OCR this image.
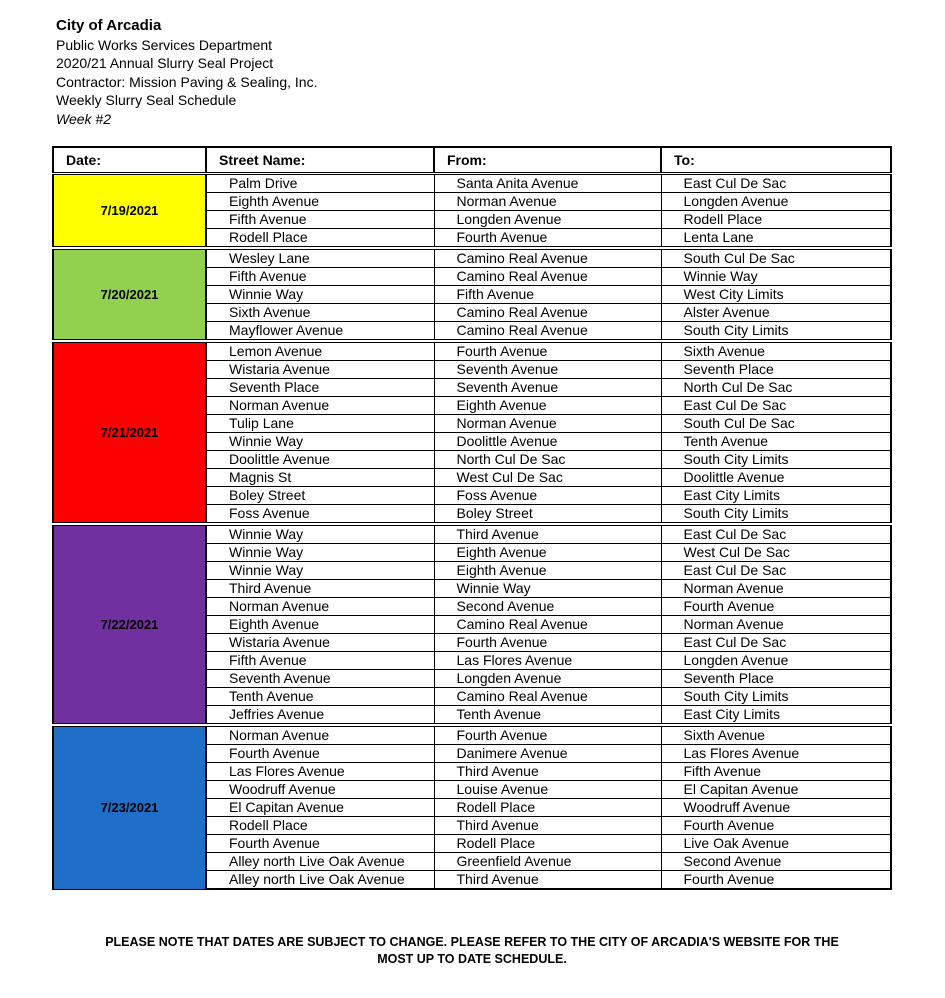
City of Arcadia
Public Works Services Department
2020/21 Annual Slurry Seal Project
Contractor: Mission Paving & Sealing, Inc.
Weekly Slurry Seal Schedule
Week #2
Date:	Street Name:	From:	To:
7/19/2021	Palm Drive	Santa Anita Avenue	East Cul De Sac
	Eighth Avenue	Norman Avenue	Longden Avenue
	Fifth Avenue	Longden Avenue	Rodell Place
	Rodell Place	Fourth Avenue	Lenta Lane
7/20/2021	Wesley Lane	Camino Real Avenue	South Cul De Sac
	Fifth Avenue	Camino Real Avenue	Winnie Way
	Winnie Way	Fifth Avenue	West City Limits
	Sixth Avenue	Camino Real Avenue	Alster Avenue
	Mayflower Avenue	Camino Real Avenue	South City Limits
7/21/2021	Lemon Avenue	Fourth Avenue	Sixth Avenue
	Wistaria Avenue	Seventh Avenue	Seventh Place
	Seventh Place	Seventh Avenue	North Cul De Sac
	Norman Avenue	Eighth Avenue	East Cul De Sac
	Tulip Lane	Norman Avenue	South Cul De Sac
	Winnie Way	Doolittle Avenue	Tenth Avenue
	Doolittle Avenue	North Cul De Sac	South City Limits
	Magnis St	West Cul De Sac	Doolittle Avenue
	Boley Street	Foss Avenue	East City Limits
	Foss Avenue	Boley Street	South City Limits
7/22/2021	Winnie Way	Third Avenue	East Cul De Sac
	Winnie Way	Eighth Avenue	West Cul De Sac
	Winnie Way	Eighth Avenue	East Cul De Sac
	Third Avenue	Winnie Way	Norman Avenue
	Norman Avenue	Second Avenue	Fourth Avenue
	Eighth Avenue	Camino Real Avenue	Norman Avenue
	Wistaria Avenue	Fourth Avenue	East Cul De Sac
	Fifth Avenue	Las Flores Avenue	Longden Avenue
	Seventh Avenue	Longden Avenue	Seventh Place
	Tenth Avenue	Camino Real Avenue	South City Limits
	Jeffries Avenue	Tenth Avenue	East City Limits
7/23/2021	Norman Avenue	Fourth Avenue	Sixth Avenue
	Fourth Avenue	Danimere Avenue	Las Flores Avenue
	Las Flores Avenue	Third Avenue	Fifth Avenue
	Woodruff Avenue	Louise Avenue	El Capitan Avenue
	El Capitan Avenue	Rodell Place	Woodruff Avenue
	Rodell Place	Third Avenue	Fourth Avenue
	Fourth Avenue	Rodell Place	Live Oak Avenue
	Alley north Live Oak Avenue	Greenfield Avenue	Second Avenue
	Alley north Live Oak Avenue	Third Avenue	Fourth Avenue
PLEASE NOTE THAT DATES ARE SUBJECT TO CHANGE. PLEASE REFER TO THE CITY OF ARCADIA'S WEBSITE FOR THE
MOST UP TO DATE SCHEDULE.
